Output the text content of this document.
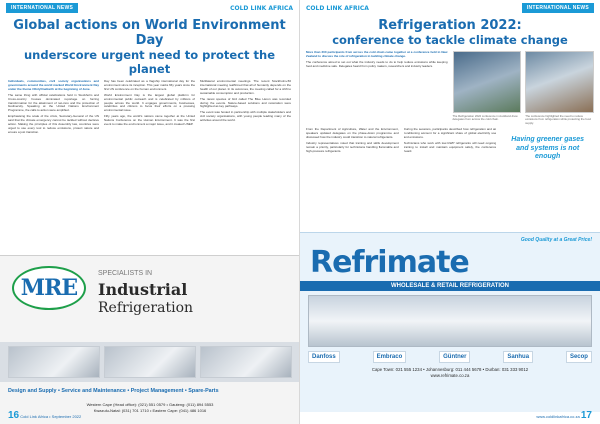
INTERNATIONAL NEWS	COLD LINK AFRICA
Global actions on World Environment Day
underscore urgent need to protect the planet

Individuals, communities, civil society organisations and governments around the world marked World Environment Day under the theme #OnlyOneEarth at the beginning of June.

The same thing with official celebrations held in Stockholm and Cross-country houses dominated reportage on forcing transformation for the attainment of net-zero and the protection of biodiversity. Speaking at the United Nations Environment Programme, the calls to action were amplified.

Emphasising the scale of the crisis, Secretary-General of the UN said that the climate emergency cannot be tackled without decisive action. Making the principles of this Assembly law, countries were urged to use every tool to reduce emissions, protect nature and ensure a just transition.

Day has been celebrated as a flagship international day for the environment since its inception. This year marks fifty years since the first UN conference on the human environment.

World Environment Day is the largest global platform for environmental public outreach and is celebrated by millions of people across the world. It engages governments, businesses, celebrities and citizens to focus their efforts on a pressing environmental issue.

Fifty years ago, the world's nations came together at the United Nations Conference on the Human Environment. It was the first event to make the environment a major issue, and it created UNEP.

Multilateral environmental meetings. The recent Stockholm+50 international meeting reaffirmed that all of humanity depends on the health of our planet. In its outcomes, the meeting called for a shift to sustainable consumption and production.

The rarest species of bird called The Blue Heron was recorded during the events. Nature-based solutions and restoration were highlighted as key pathways.

The event was hosted in partnership with multiple stakeholders and civil society organisations, with young people leading many of the activities around the world.

MRE
SPECIALISTS IN
Industrial
Refrigeration
Design and Supply • Service and Maintenance • Project Management • Spare-Parts
Western Cape (Head office): (021) 551 0579 • Gauteng: (011) 894 5553
Kwazulu-Natal: (031) 701 1710 • Eastern Cape: (041) 486 1016
16 Cold Link Africa • September 2022
COLD LINK AFRICA	INTERNATIONAL NEWS
Refrigeration 2022:
conference to tackle climate change

More than 200 participants from across the cold chain came together at a conference held in New Zealand to discuss the role of refrigeration in tackling climate change.

The conference aimed to set out what the industry needs to do to help reduce emissions while keeping food and medicine safe. Delegates heard from policy makers, researchers and industry leaders.

The Refrigeration 2022 conference in Auckland drew delegates from across the cold chain.
The conference highlighted the need to reduce emissions from refrigeration while protecting the food supply.

From the Department of Agriculture, Water and the Environment, speakers updated delegates on the phase-down programme and discussed how the industry could transition to natural refrigerants.

Industry representatives noted that training and skills development remain a priority, particularly for technicians handling flammable and high-pressure refrigerants.

During the sessions, participants described how refrigeration and air conditioning account for a significant share of global electricity use and emissions.

Technicians who work with low-GWP refrigerants will need ongoing training to install and maintain equipment safely, the conference heard.

Having greener gases and systems is not enough
Good Quality at a Great Price!
Refrimate
WHOLESALE & RETAIL REFRIGERATION
Danfoss	Embraco	Güntner	Sanhua	Secop
Cape Town: 021 555 1234 • Johannesburg: 011 444 5678 • Durban: 031 333 9012
www.refrimate.co.za
www.coldlinkafrica.co.za 17
